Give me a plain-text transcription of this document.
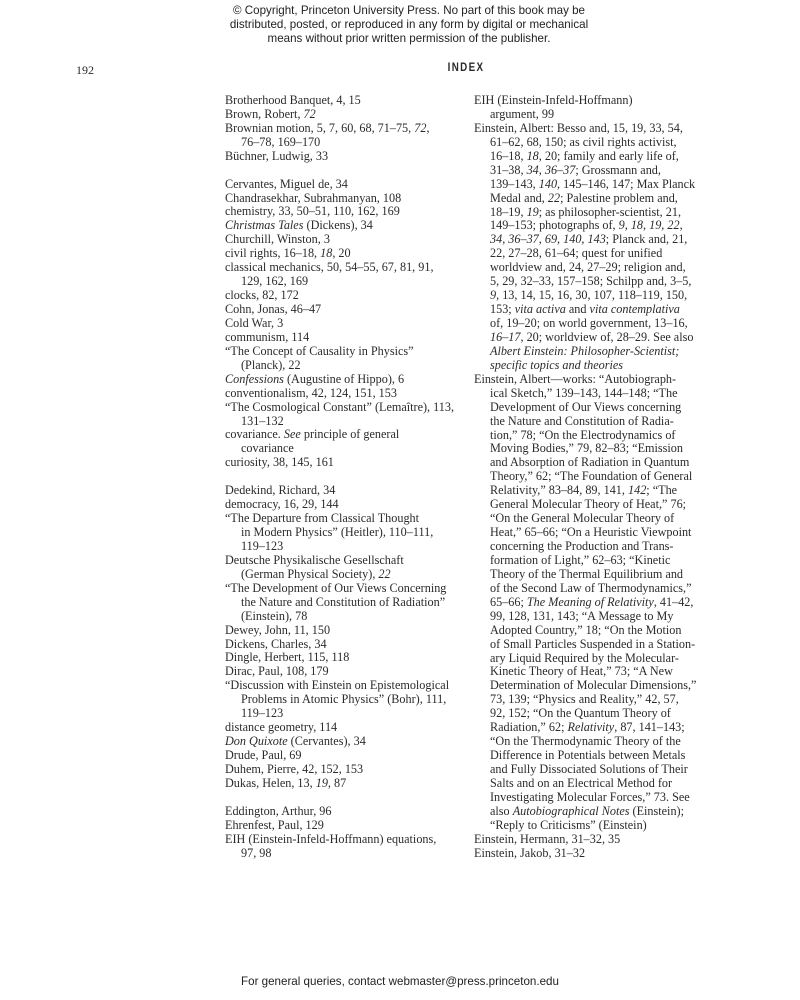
© Copyright, Princeton University Press. No part of this book may be
distributed, posted, or reproduced in any form by digital or mechanical
means without prior written permission of the publisher.
192	INDEX
Brotherhood Banquet, 4, 15
Brown, Robert, 72
Brownian motion, 5, 7, 60, 68, 71–75, 72,
76–78, 169–170
Büchner, Ludwig, 33
Cervantes, Miguel de, 34
Chandrasekhar, Subrahmanyan, 108
chemistry, 33, 50–51, 110, 162, 169
Christmas Tales (Dickens), 34
Churchill, Winston, 3
civil rights, 16–18, 18, 20
classical mechanics, 50, 54–55, 67, 81, 91,
129, 162, 169
clocks, 82, 172
Cohn, Jonas, 46–47
Cold War, 3
communism, 114
“The Concept of Causality in Physics”
(Planck), 22
Confessions (Augustine of Hippo), 6
conventionalism, 42, 124, 151, 153
“The Cosmological Constant” (Lemaître), 113,
131–132
covariance. See principle of general
covariance
curiosity, 38, 145, 161
Dedekind, Richard, 34
democracy, 16, 29, 144
“The Departure from Classical Thought
in Modern Physics” (Heitler), 110–111,
119–123
Deutsche Physikalische Gesellschaft
(German Physical Society), 22
“The Development of Our Views Concerning
the Nature and Constitution of Radiation”
(Einstein), 78
Dewey, John, 11, 150
Dickens, Charles, 34
Dingle, Herbert, 115, 118
Dirac, Paul, 108, 179
“Discussion with Einstein on Epistemological
Problems in Atomic Physics” (Bohr), 111,
119–123
distance geometry, 114
Don Quixote (Cervantes), 34
Drude, Paul, 69
Duhem, Pierre, 42, 152, 153
Dukas, Helen, 13, 19, 87
Eddington, Arthur, 96
Ehrenfest, Paul, 129
EIH (Einstein-Infeld-Hoffmann) equations,
97, 98
EIH (Einstein-Infeld-Hoffmann)
argument, 99
Einstein, Albert: Besso and, 15, 19, 33, 54,
61–62, 68, 150; as civil rights activist,
16–18, 18, 20; family and early life of,
31–38, 34, 36–37; Grossmann and,
139–143, 140, 145–146, 147; Max Planck
Medal and, 22; Palestine problem and,
18–19, 19; as philosopher-scientist, 21,
149–153; photographs of, 9, 18, 19, 22,
34, 36–37, 69, 140, 143; Planck and, 21,
22, 27–28, 61–64; quest for unified
worldview and, 24, 27–29; religion and,
5, 29, 32–33, 157–158; Schilpp and, 3–5,
9, 13, 14, 15, 16, 30, 107, 118–119, 150,
153; vita activa and vita contemplativa
of, 19–20; on world government, 13–16,
16–17, 20; worldview of, 28–29. See also
Albert Einstein: Philosopher-Scientist;
specific topics and theories
Einstein, Albert—works: “Autobiograph-
ical Sketch,” 139–143, 144–148; “The
Development of Our Views concerning
the Nature and Constitution of Radia-
tion,” 78; “On the Electrodynamics of
Moving Bodies,” 79, 82–83; “Emission
and Absorption of Radiation in Quantum
Theory,” 62; “The Foundation of General
Relativity,” 83–84, 89, 141, 142; “The
General Molecular Theory of Heat,” 76;
“On the General Molecular Theory of
Heat,” 65–66; “On a Heuristic Viewpoint
concerning the Production and Trans-
formation of Light,” 62–63; “Kinetic
Theory of the Thermal Equilibrium and
of the Second Law of Thermodynamics,”
65–66; The Meaning of Relativity, 41–42,
99, 128, 131, 143; “A Message to My
Adopted Country,” 18; “On the Motion
of Small Particles Suspended in a Station-
ary Liquid Required by the Molecular-
Kinetic Theory of Heat,” 73; “A New
Determination of Molecular Dimensions,”
73, 139; “Physics and Reality,” 42, 57,
92, 152; “On the Quantum Theory of
Radiation,” 62; Relativity, 87, 141–143;
“On the Thermodynamic Theory of the
Difference in Potentials between Metals
and Fully Dissociated Solutions of Their
Salts and on an Electrical Method for
Investigating Molecular Forces,” 73. See
also Autobiographical Notes (Einstein);
“Reply to Criticisms” (Einstein)
Einstein, Hermann, 31–32, 35
Einstein, Jakob, 31–32
For general queries, contact webmaster@press.princeton.edu
